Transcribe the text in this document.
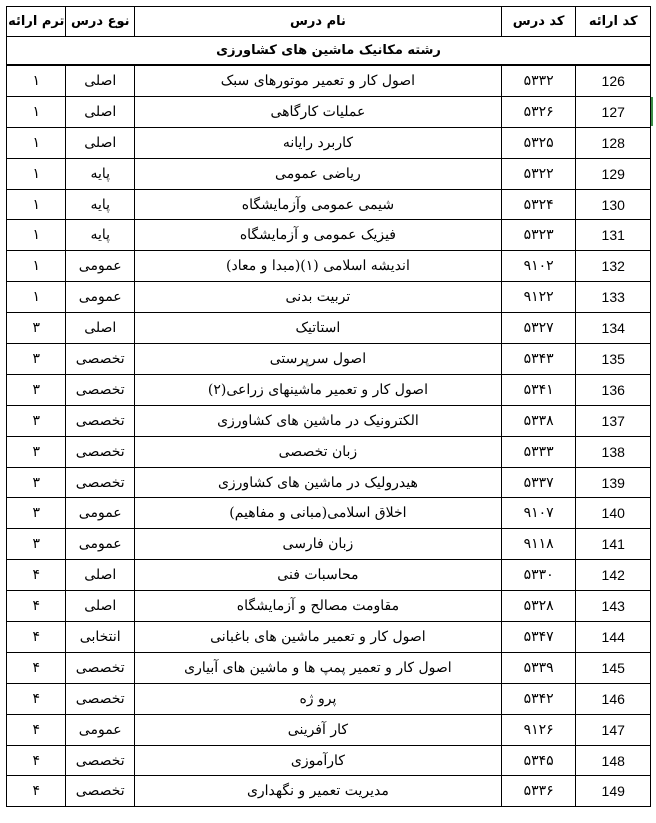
کد ارائه	کد درس	نام درس	نوع درس	ترم ارائه
رشته مکانیک ماشین های کشاورزی				
126	۵۳۳۲	اصول کار و تعمیر موتورهای سبک	اصلی	۱
127	۵۳۲۶	عملیات کارگاهی	اصلی	۱
128	۵۳۲۵	کاربرد رایانه	اصلی	۱
129	۵۳۲۲	ریاضی عمومی	پایه	۱
130	۵۳۲۴	شیمی عمومی وآزمایشگاه	پایه	۱
131	۵۳۲۳	فیزیک عمومی و آزمایشگاه	پایه	۱
132	۹۱۰۲	اندیشه اسلامی (۱)(مبدا و معاد)	عمومی	۱
133	۹۱۲۲	تربیت بدنی	عمومی	۱
134	۵۳۲۷	استاتیک	اصلی	۳
135	۵۳۴۳	اصول سرپرستی	تخصصی	۳
136	۵۳۴۱	اصول کار و تعمیر ماشینهای زراعی(۲)	تخصصی	۳
137	۵۳۳۸	الکترونیک در ماشین های کشاورزی	تخصصی	۳
138	۵۳۳۳	زبان تخصصی	تخصصی	۳
139	۵۳۳۷	هیدرولیک در ماشین های کشاورزی	تخصصی	۳
140	۹۱۰۷	اخلاق اسلامی(مبانی و مفاهیم)	عمومی	۳
141	۹۱۱۸	زبان فارسی	عمومی	۳
142	۵۳۳۰	محاسبات فنی	اصلی	۴
143	۵۳۲۸	مقاومت مصالح و آزمایشگاه	اصلی	۴
144	۵۳۴۷	اصول کار و تعمیر ماشین های باغبانی	انتخابی	۴
145	۵۳۳۹	اصول کار و تعمیر پمپ ها و ماشین های آبیاری	تخصصی	۴
146	۵۳۴۲	پرو ژه	تخصصی	۴
147	۹۱۲۶	کار آفرینی	عمومی	۴
148	۵۳۴۵	کارآموزی	تخصصی	۴
149	۵۳۳۶	مدیریت تعمیر و نگهداری	تخصصی	۴
